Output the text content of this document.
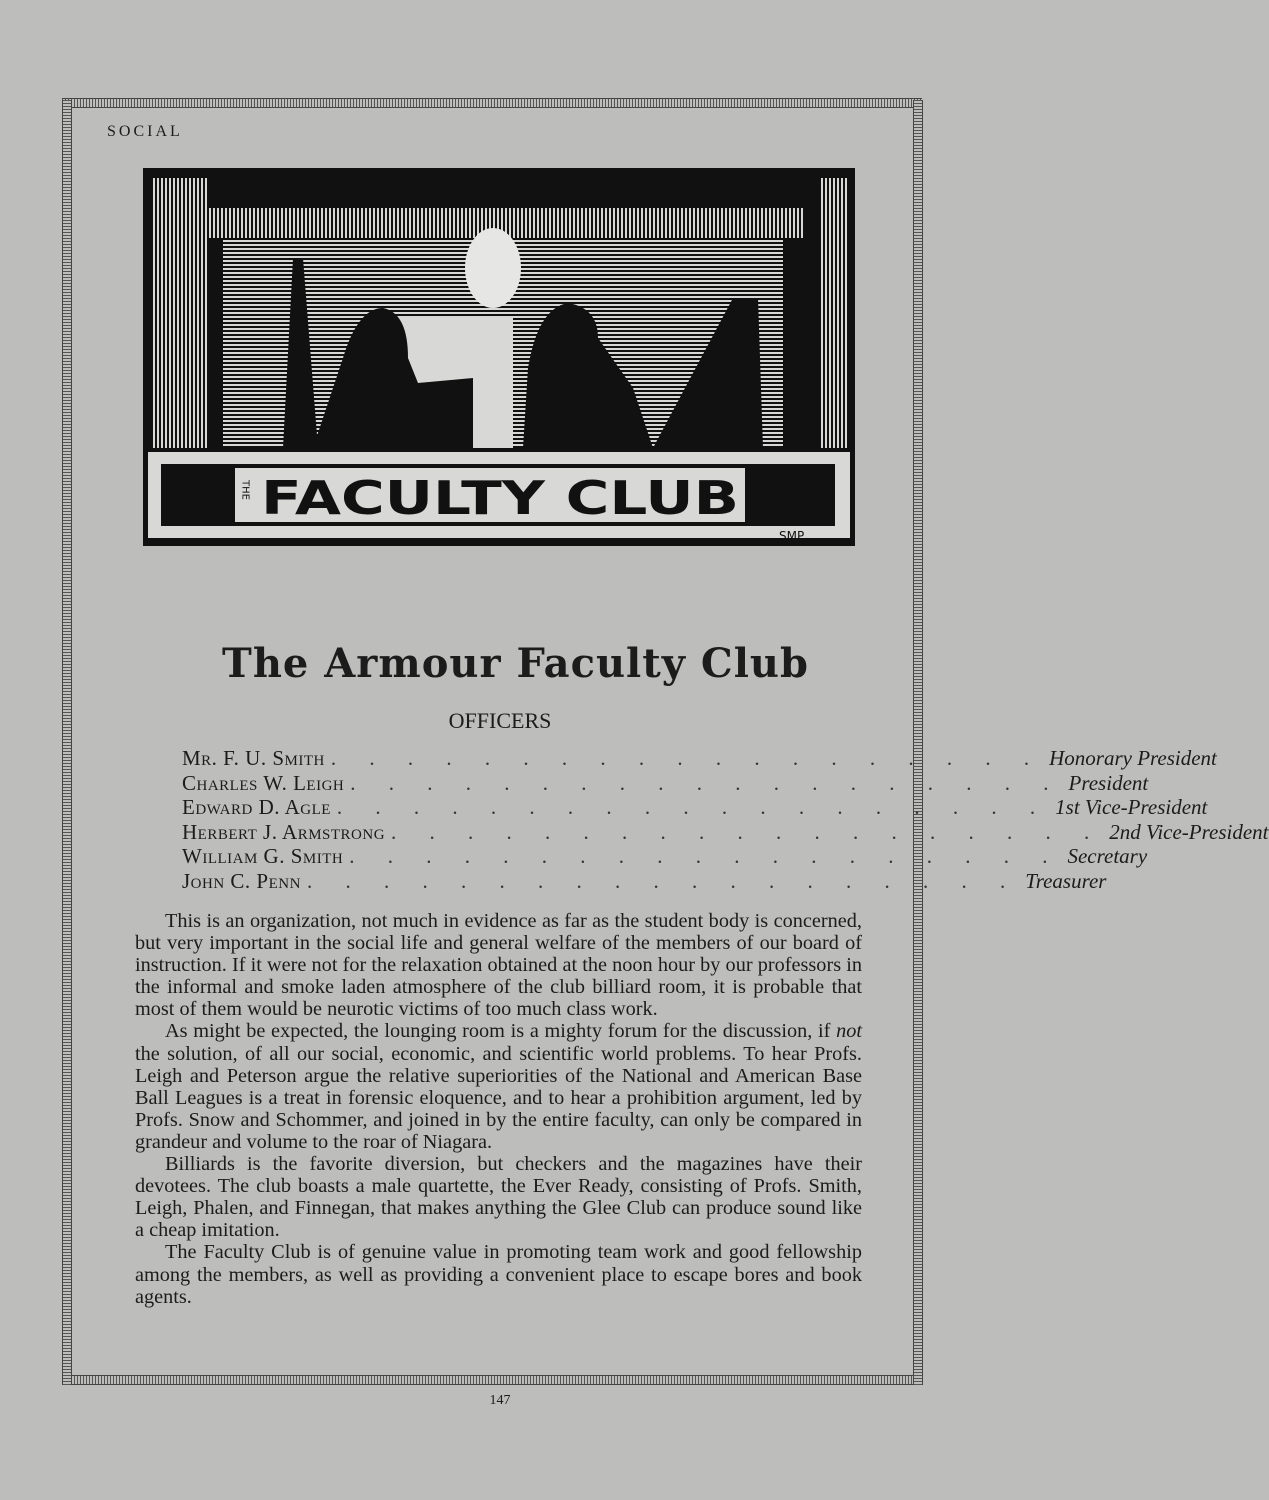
SOCIAL
THE FACULTY CLUB
SMP
The Armour Faculty Club
OFFICERS
Mr. F. U. Smith . . . . . . . . . . . . . . . . . . . Honorary President
Charles W. Leigh . . . . . . . . . . . . . . . . . . . President
Edward D. Agle . . . . . . . . . . . . . . . . . . . 1st Vice-President
Herbert J. Armstrong . . . . . . . . . . . . . . . . . . . 2nd Vice-President
William G. Smith . . . . . . . . . . . . . . . . . . . Secretary
John C. Penn . . . . . . . . . . . . . . . . . . . Treasurer

This is an organization, not much in evidence as far as the student body is concerned, but very important in the social life and general welfare of the members of our board of instruction. If it were not for the relaxation obtained at the noon hour by our professors in the informal and smoke laden atmosphere of the club billiard room, it is probable that most of them would be neurotic victims of too much class work.

As might be expected, the lounging room is a mighty forum for the discussion, if not the solution, of all our social, economic, and scientific world problems. To hear Profs. Leigh and Peterson argue the relative superiorities of the National and American Base Ball Leagues is a treat in forensic eloquence, and to hear a prohibition argument, led by Profs. Snow and Schommer, and joined in by the entire faculty, can only be compared in grandeur and volume to the roar of Niagara.

Billiards is the favorite diversion, but checkers and the magazines have their devotees. The club boasts a male quartette, the Ever Ready, consisting of Profs. Smith, Leigh, Phalen, and Finnegan, that makes anything the Glee Club can produce sound like a cheap imitation.

The Faculty Club is of genuine value in promoting team work and good fellowship among the members, as well as providing a convenient place to escape bores and book agents.

147
